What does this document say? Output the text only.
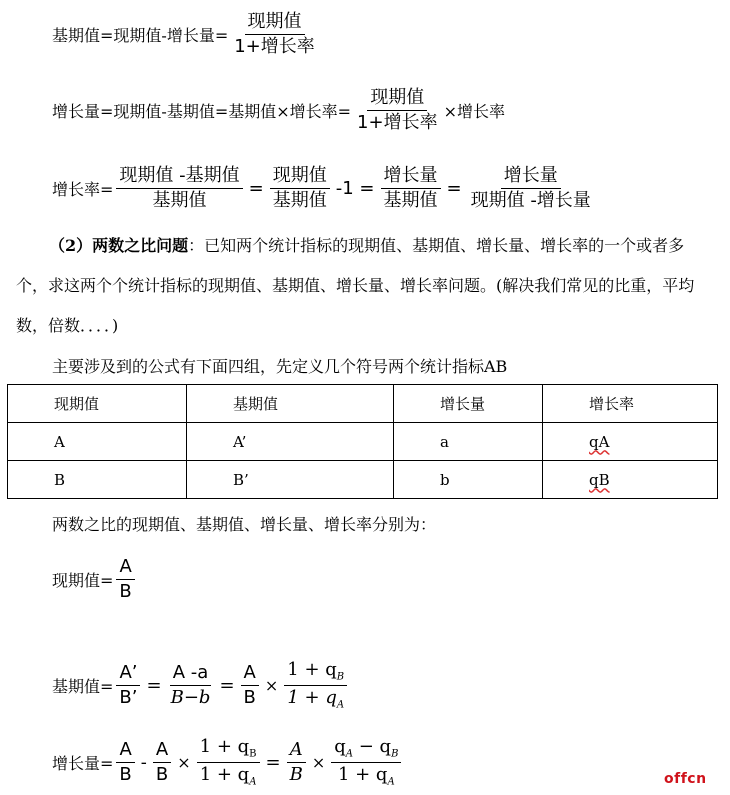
基期值=现期值-增长量= $\frac{\text{现期值}}{\text{1+增长率}}$
增长量=现期值-基期值=基期值×增长率= $\frac{\text{现期值}}{\text{1+增长率}}$ ×增长率
增长率= $\frac{\text{现期值 -基期值}}{\text{基期值}} = \frac{\text{现期值}}{\text{基期值}} -1 = \frac{\text{增长量}}{\text{基期值}} = \frac{\text{增长量}}{\text{现期值 -增长量}}$
（2）两数之比问题：已知两个统计指标的现期值、基期值、增长量、增长率的一个或者多个，求这两个个统计指标的现期值、基期值、增长量、增长率问题。(解决我们常见的比重，平均数，倍数．．．．)
主要涉及到的公式有下面四组，先定义几个符号两个统计指标AB
现期值	基期值	增长量	增长率
A	A’	a	qA
B	B’	b	qB
两数之比的现期值、基期值、增长量、增长率分别为：
现期值= $\frac{A}{B}$
基期值= $\frac{A’}{B’} = \frac{A -a}{B-b} = \frac{A}{B} \times \frac{1 + q_B}{1 + q_A}$
增长量= $\frac{A}{B} - \frac{A}{B} \times \frac{1 + q_B}{1 + q_A} = \frac{A}{B} \times \frac{q_A - q_B}{1 + q_A}$	offcn
